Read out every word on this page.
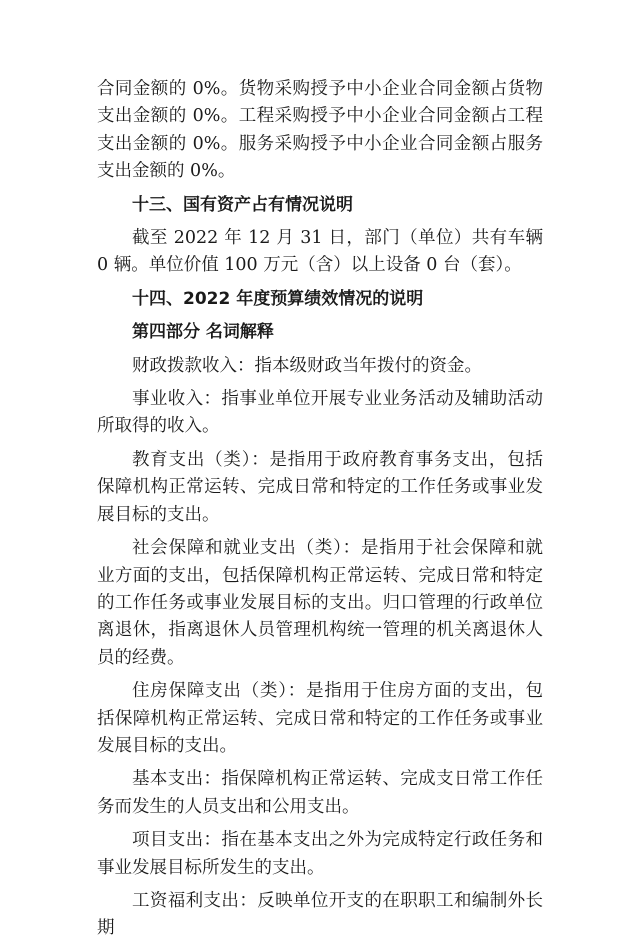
合同金额的 0%。货物采购授予中小企业合同金额占货物支出金额的 0%。工程采购授予中小企业合同金额占工程支出金额的 0%。服务采购授予中小企业合同金额占服务支出金额的 0%。

十三、国有资产占有情况说明

截至 2022 年 12 月 31 日，部门（单位）共有车辆 0 辆。单位价值 100 万元（含）以上设备 0 台（套）。

十四、2022 年度预算绩效情况的说明

第四部分 名词解释

财政拨款收入：指本级财政当年拨付的资金。

事业收入：指事业单位开展专业业务活动及辅助活动所取得的收入。

教育支出（类）：是指用于政府教育事务支出，包括保障机构正常运转、完成日常和特定的工作任务或事业发展目标的支出。

社会保障和就业支出（类）：是指用于社会保障和就业方面的支出，包括保障机构正常运转、完成日常和特定的工作任务或事业发展目标的支出。归口管理的行政单位离退休，指离退休人员管理机构统一管理的机关离退休人员的经费。

住房保障支出（类）：是指用于住房方面的支出，包括保障机构正常运转、完成日常和特定的工作任务或事业发展目标的支出。

基本支出：指保障机构正常运转、完成支日常工作任务而发生的人员支出和公用支出。

项目支出：指在基本支出之外为完成特定行政任务和事业发展目标所发生的支出。

工资福利支出：反映单位开支的在职职工和编制外长期
